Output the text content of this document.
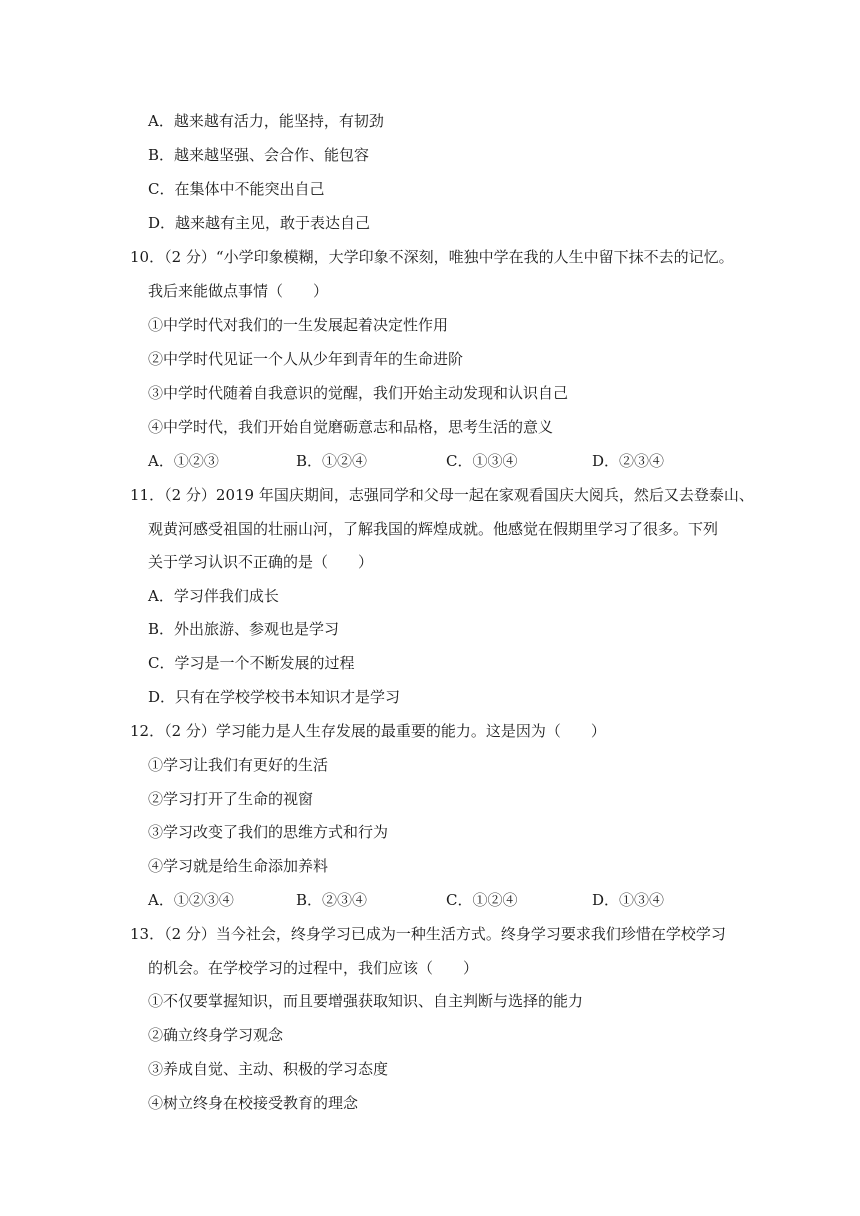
A．越来越有活力，能坚持，有韧劲
B．越来越坚强、会合作、能包容
C．在集体中不能突出自己
D．越来越有主见，敢于表达自己
10．（2 分）“小学印象模糊，大学印象不深刻，唯独中学在我的人生中留下抹不去的记忆。
我后来能做点事情（　　）
①中学时代对我们的一生发展起着决定性作用
②中学时代见证一个人从少年到青年的生命进阶
③中学时代随着自我意识的觉醒，我们开始主动发现和认识自己
④中学时代，我们开始自觉磨砺意志和品格，思考生活的意义
A．①②③	B．①②④	C．①③④	D．②③④
11．（2 分）2019 年国庆期间，志强同学和父母一起在家观看国庆大阅兵，然后又去登泰山、
观黄河感受祖国的壮丽山河，了解我国的辉煌成就。他感觉在假期里学习了很多。下列
关于学习认识不正确的是（　　）
A．学习伴我们成长
B．外出旅游、参观也是学习
C．学习是一个不断发展的过程
D．只有在学校学校书本知识才是学习
12．（2 分）学习能力是人生存发展的最重要的能力。这是因为（　　）
①学习让我们有更好的生活
②学习打开了生命的视窗
③学习改变了我们的思维方式和行为
④学习就是给生命添加养料
A．①②③④	B．②③④	C．①②④	D．①③④
13．（2 分）当今社会，终身学习已成为一种生活方式。终身学习要求我们珍惜在学校学习
的机会。在学校学习的过程中，我们应该（　　）
①不仅要掌握知识，而且要增强获取知识、自主判断与选择的能力
②确立终身学习观念
③养成自觉、主动、积极的学习态度
④树立终身在校接受教育的理念
